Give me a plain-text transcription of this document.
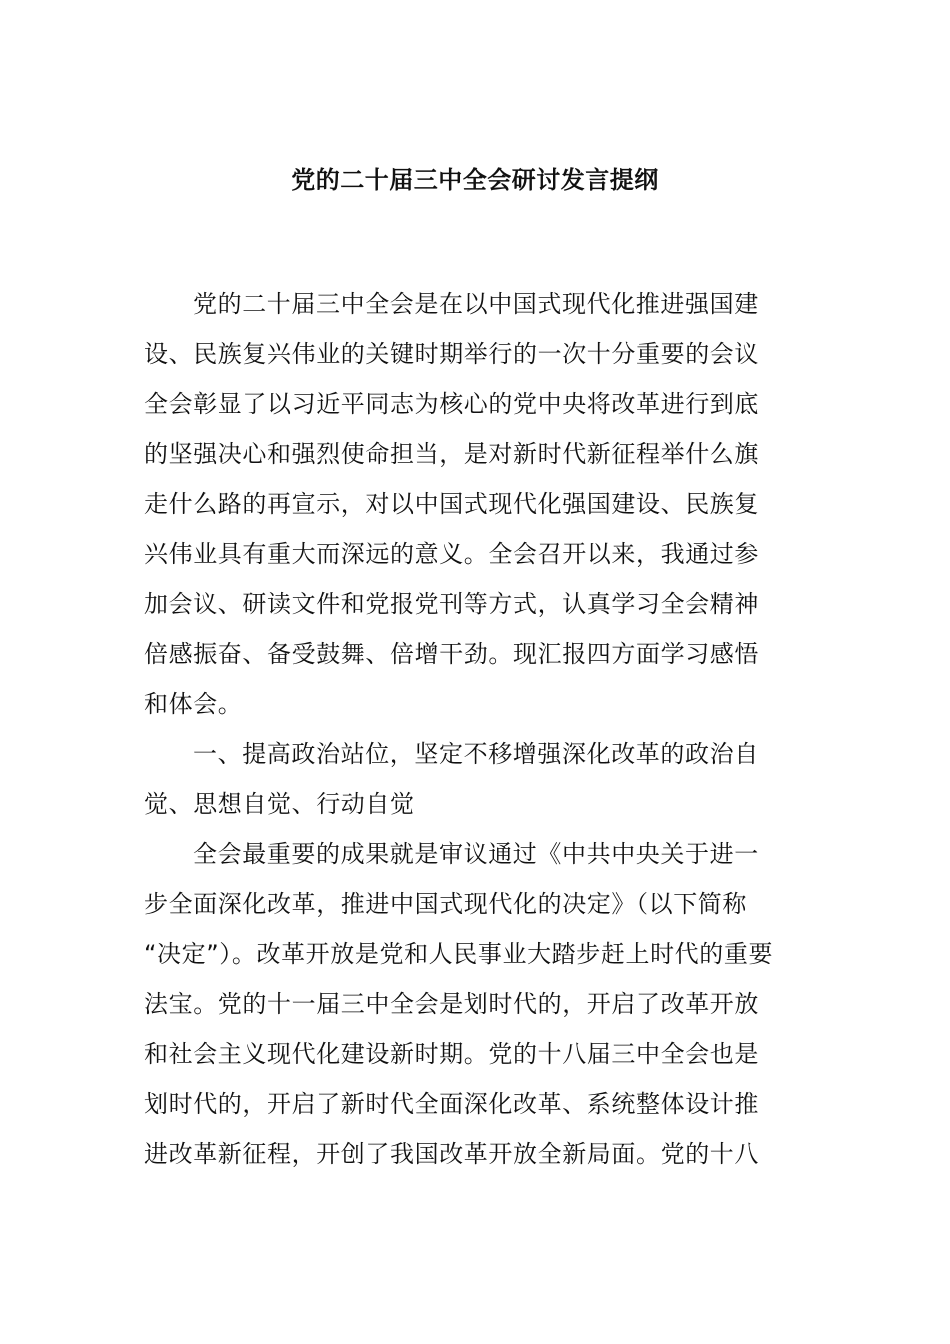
党的二十届三中全会研讨发言提纲
党的二十届三中全会是在以中国式现代化推进强国建
设、民族复兴伟业的关键时期举行的一次十分重要的会议
全会彰显了以习近平同志为核心的党中央将改革进行到底
的坚强决心和强烈使命担当，是对新时代新征程举什么旗
走什么路的再宣示，对以中国式现代化强国建设、民族复
兴伟业具有重大而深远的意义。全会召开以来，我通过参
加会议、研读文件和党报党刊等方式，认真学习全会精神
倍感振奋、备受鼓舞、倍增干劲。现汇报四方面学习感悟
和体会。
一、提高政治站位，坚定不移增强深化改革的政治自
觉、思想自觉、行动自觉
全会最重要的成果就是审议通过《中共中央关于进一
步全面深化改革，推进中国式现代化的决定》（以下简称
“决定”）。改革开放是党和人民事业大踏步赶上时代的重要
法宝。党的十一届三中全会是划时代的，开启了改革开放
和社会主义现代化建设新时期。党的十八届三中全会也是
划时代的，开启了新时代全面深化改革、系统整体设计推
进改革新征程，开创了我国改革开放全新局面。党的十八
